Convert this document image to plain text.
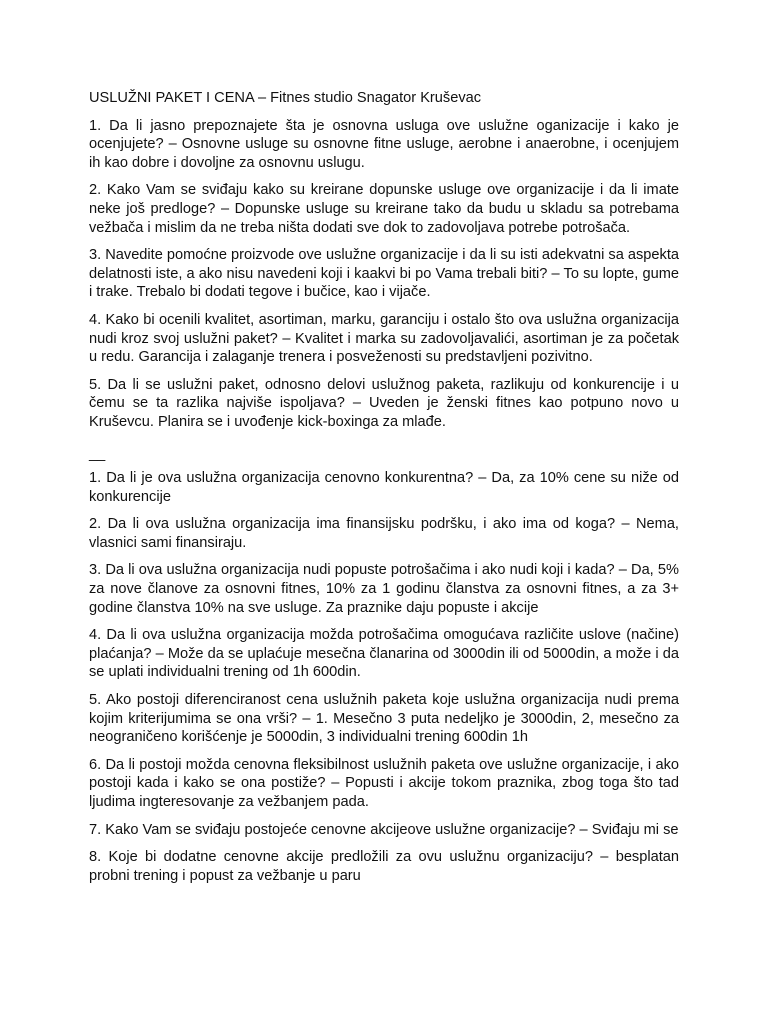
USLUŽNI PAKET I CENA – Fitnes studio Snagator Kruševac

1. Da li jasno prepoznajete šta je osnovna usluga ove uslužne oganizacije i kako je ocenjujete? – Osnovne usluge su osnovne fitne usluge, aerobne i anaerobne, i ocenjujem ih kao dobre i dovoljne za osnovnu uslugu.

2. Kako Vam se sviđaju kako su kreirane dopunske usluge ove organizacije i da li imate neke još predloge? – Dopunske usluge su kreirane tako da budu u skladu sa potrebama vežbača i mislim da ne treba ništa dodati sve dok to zadovoljava potrebe potrošača.

3. Navedite pomoćne proizvode ove uslužne organizacije i da li su isti adekvatni sa aspekta delatnosti iste, a ako nisu navedeni koji i kaakvi bi po Vama trebali biti? – To su lopte, gume i trake. Trebalo bi dodati tegove i bučice, kao i vijače.

4. Kako bi ocenili kvalitet, asortiman, marku, garanciju i ostalo što ova uslužna organizacija nudi kroz svoj uslužni paket? – Kvalitet i marka su zadovoljavalići, asortiman je za početak u redu. Garancija i zalaganje trenera i posveženosti su predstavljeni pozivitno.

5. Da li se uslužni paket, odnosno delovi uslužnog paketa, razlikuju od konkurencije i u čemu se ta razlika najviše ispoljava? – Uveden je ženski fitnes kao potpuno novo u Kruševcu. Planira se i uvođenje kick-boxinga za mlađe.

__

1. Da li je ova uslužna organizacija cenovno konkurentna? – Da, za 10% cene su niže od konkurencije

2. Da li ova uslužna organizacija ima finansijsku podršku, i ako ima od koga? – Nema, vlasnici sami finansiraju.

3. Da li ova uslužna organizacija nudi popuste potrošačima i ako nudi koji i kada? – Da, 5% za nove članove za osnovni fitnes, 10% za 1 godinu članstva za osnovni fitnes, a za 3+ godine članstva 10% na sve usluge. Za praznike daju popuste i akcije

4. Da li ova uslužna organizacija možda potrošačima omogućava različite uslove (načine) plaćanja? – Može da se uplaćuje mesečna članarina od 3000din ili od 5000din, a može i da se uplati individualni trening od 1h 600din.

5. Ako postoji diferenciranost cena uslužnih paketa koje uslužna organizacija nudi prema kojim kriterijumima se ona vrši? – 1. Mesečno 3 puta nedeljko je 3000din, 2, mesečno za neograničeno korišćenje je 5000din, 3 individualni trening 600din 1h

6. Da li postoji možda cenovna fleksibilnost uslužnih paketa ove uslužne organizacije, i ako postoji kada i kako se ona postiže? – Popusti i akcije tokom praznika, zbog toga što tad ljudima ingteresovanje za vežbanjem pada.

7. Kako Vam se sviđaju postojeće cenovne akcijeove uslužne organizacije? – Sviđaju mi se

8. Koje bi dodatne cenovne akcije predložili za ovu uslužnu organizaciju? – besplatan probni trening i popust za vežbanje u paru
